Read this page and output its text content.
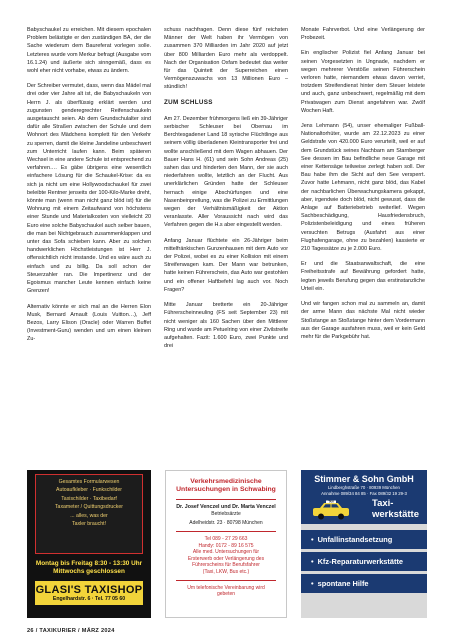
Babyschaukel zu erreichen. Mit diesem epochalen Problem belästigte er den zuständigen BA, der die Sache wiederum dem Baureferat vorlegen solle. Letzteres wurde vom Merkur befragt (Ausgabe vom 16.1.24) und äußerte sich sinngemäß, dass es wohl eher nicht vorhabe, etwas zu ändern.

Der Schreiber vermutet, dass, wenn das Mädel mal drei oder vier Jahre alt ist, die Babyschaukeln von Herrn J. als überflüssig erklärt werden und zugunsten genderegrechter Reifenschaukeln ausgetauscht seien. Ab dem Grundschulalter sind dafür alle Straßen zwischen der Schule und dem Wohnort des Mädchens komplett für den Verkehr zu sperren, damit die kleine Jandeline unbeschwert zum Unterricht laufen kann. Beim späteren Wechsel in eine andere Schule ist entsprechend zu verfahren…. Es gäbe übrigens eine wesentlich einfachere Lösung für die Schaukel-Krise: da es sich ja nicht um eine Hollywoodschaukel für zwei beleibte Rentner jenseits der 100-Kilo-Marke dreht, könnte man (wenn man nicht ganz blöd ist) für die Wohnung mit einem Zeitaufwand von höchstens einer Stunde und Materialkosten von vielleicht 20 Euro eine solche Babyschaukel auch selber bauen, die man bei Nichtgebrauch zusammenklappen und unter das Sofa schieben kann. Aber zu solchen handwerklichen Höchstleistungen ist Herr J. offensichtlich nicht imstande. Und es wäre auch zu einfach und zu billig. Da soll schon der Steuerzahler ran. Die Impertinenz und der Egoismus mancher Leute kennen einfach keine Grenzen!

Alternativ könnte er sich mal an die Herren Elon Musk, Bernard Arnault (Louis Vuitton…), Jeff Bezos, Larry Elison (Oracle) oder Warren Buffet (Investment-Guru) wenden und um einen kleinen Zu-

schuss nachfragen. Denn diese fünf reichsten Männer der Welt haben ihr Vermögen von zusammen 370 Milliarden im Jahr 2020 auf jetzt über 800 Milliarden Euro mehr als verdoppelt. Nach der Organisation Oxfam bedeutet das weiter für das Quintett der Superreichen einen Vermögenszuwachs von 13 Millionen Euro – stündlich!

ZUM SCHLUSS

Am 27. Dezember frühmorgens ließ ein 39-Jähriger serbischer Schleuser bei Obernau im Berchtesgadener Land 18 syrische Flüchtlinge aus seinem völlig überladenen Kleintransporter frei und wollte anschließend mit dem Wagen abhauen. Der Bauer Hans H. (61) und sein Sohn Andreas (25) sahen das und hinderten den Mann, der sie auch niederfahren wollte, letztlich an der Flucht. Aus unerklärlichen Gründen hatte der Schleuser hernach einige Abschürfungen und eine Nasenbeinprellung, was die Polizei zu Ermittlungen wegen der Verhältnismäßigkeit der Aktion veranlasste. Aller Voraussicht nach wird das Verfahren gegen die H.s aber eingestellt werden.

Anfang Januar flüchtete ein 26-Jähriger beim mittelfränkischen Gunzenhausen mit dem Auto vor der Polizei, wobei es zu einer Kollision mit einem Streifenwagen kam. Der Mann war betrunken, hatte keinen Führerschein, das Auto war gestohlen und ein offener Haftbefehl lag auch vor. Noch Fragen?

Mitte Januar bretterte ein 20-Jähriger Führerscheinneuling (FS seit September 23) mit nicht weniger als 160 Sachen über den Mittlerer Ring und wurde am Petuelring von einer Zivilstreife aufgehalten. Fazit: 1.600 Euro, zwei Punkte und drei

Monate Fahrverbot. Und eine Verlängerung der Probezeit.

Ein englischer Polizist fiel Anfang Januar bei seinen Vorgesetzten in Ungnade, nachdem er wegen mehrerer Verstöße seinen Führerschein verloren hatte, niemandem etwas davon verriet, trotzdem Streifendienst hinter dem Steuer leistete und auch, ganz unbeschwert, regelmäßig mit dem Privatwagen zum Dienst angefahren war. Zwölf Wochen Haft.

Jens Lehmann (54), unser ehemaliger Fußball-Nationaltorhüter, wurde am 22.12.2023 zu einer Geldstrafe von 420.000 Euro verurteilt, weil er auf dem Grundstück seines Nachbarn am Starnberger See dessen im Bau befindliche neue Garage mit einer Kettensäge teilweise zerlegt haben soll. Der Bau habe ihm die Sicht auf den See versperrt. Zuvor hatte Lehmann, nicht ganz blöd, das Kabel der nachbarlichen Überwachungskamera gekappt, aber, irgendwie doch blöd, nicht gewusst, dass die Anlage auf Batteriebetrieb weiterlief. Wegen Sachbeschädigung, Hausfriedensbruch, Polizistenbeleidigung und eines früheren versuchten Betrugs (Ausfahrt aus einer Flughafengarage, ohne zu bezahlen) kassierte er 210 Tagessätze zu je 2.000 Euro.

Er und die Staatsanwaltschaft, die eine Freiheitsstrafe auf Bewährung gefordert hatte, legten jeweils Berufung gegen das erstinstanzliche Urteil ein.

Und wir fangen schon mal zu sammeln an, damit der arme Mann das nächste Mal nicht wieder Stoßstange an Stoßstange hinter dem Vordermann aus der Garage ausfahren muss, weil er kein Geld mehr für die Parkgebühr hat.

Gesamtes Formularwesen
Autoaufkleber · Funkschilder
Taxischilder · Taxibedarf
Taxameter / Quittungsdrucker
... alles, was der
Taxler braucht!
Montag bis Freitag 8:30 - 13:30 Uhr
Mittwochs geschlossen
GLASI'S TAXISHOP
Engelhardstr. 6 · Tel. 77 05 60
Verkehrsmedizinische
Untersuchungen in Schwabing
Dr. Josef Venczel und Dr. Marta Venczel
Betriebsärzte
Adelheidstr. 23 · 80798 München
Tel 089 - 27 29 663
Handy: 0172 - 89 16 575
Alle med. Untersuchungen für
Ersterwerb oder Verlängerung des
Führerscheins für Berufsfahrer
(Taxi, LKW, Bus etc.)
Um telefonische Vereinbarung wird
gebeten
Stimmer & Sohn GmbH
Lindberghstraße 70 · 80939 München
Annahme 089/34 84 85 · Fax 089/32 19 29-3
TAXI	Taxi-
werkstätte
• Unfallinstandsetzung
• Kfz-Reparaturwerkstätte
• spontane Hilfe
26 / TAXIKURIER / MÄRZ 2024
